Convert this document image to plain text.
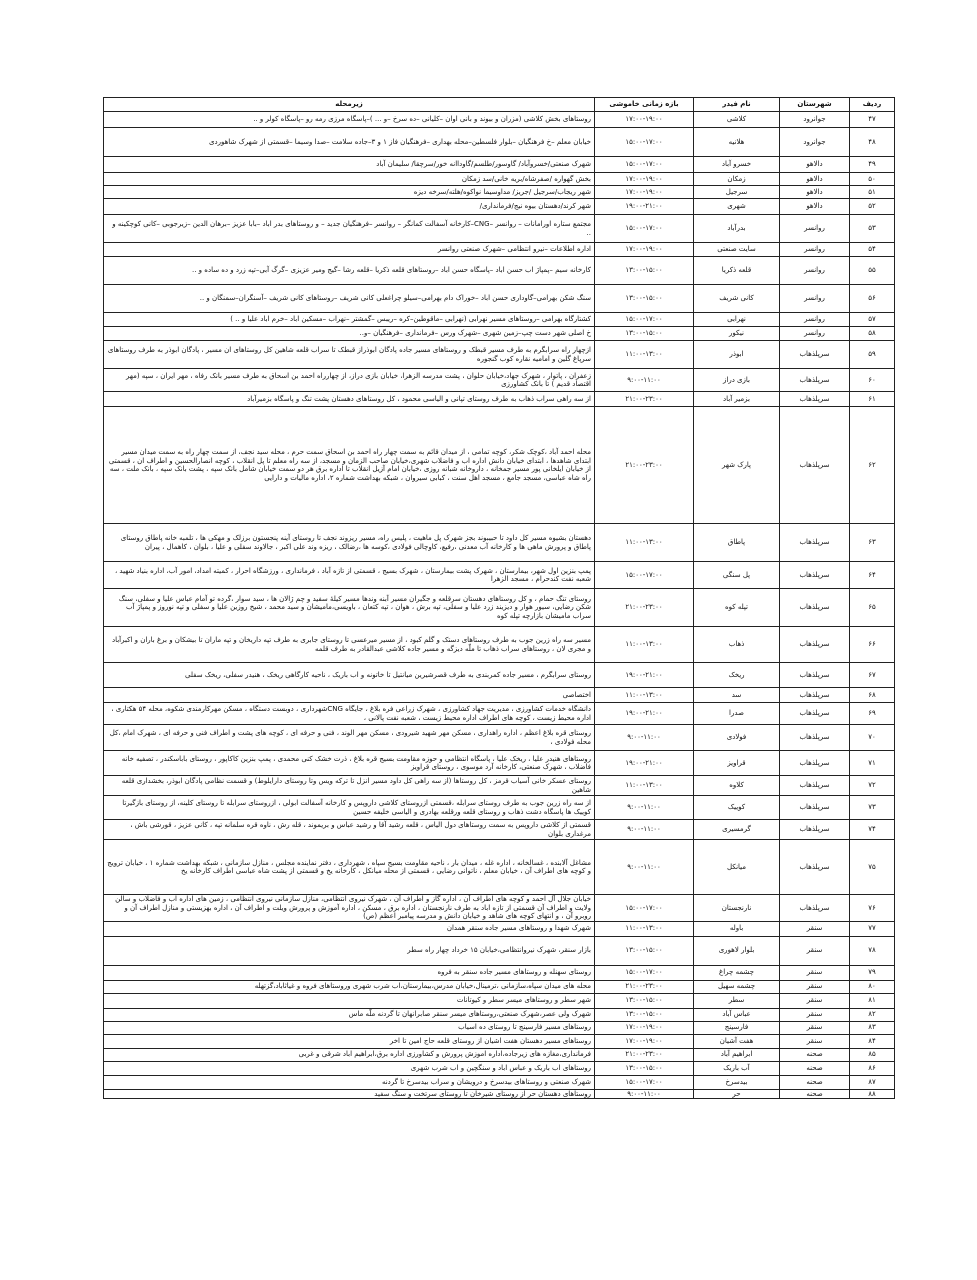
ردیف	شهرستان	نام فیدر	بازه زمانی خاموشی	زیرمحله
۴۷	جوانرود	کلاشی	۱۷:۰۰-۱۹:۰۰	روستاهای بخش کلاشی (مزران و بیوند و بانی اوان –کلیانی –ده سرخ –و ... )–پاسگاه مرزی رمه رو –پاسگاه کولر و ..
۴۸	جوانرود	هلانیه	۱۵:۰۰-۱۷:۰۰	خیابان معلم –خ فرهنگیان –بلوار فلسطین–محله بهداری –فرهنگیان فاز ۱ و ۳–جاده سلامت –صدا وسیما –قسمتی از شهرک شاهوردی
۴۹	دالاهو	خسرو آباد	۱۵:۰۰-۱۷:۰۰	شهرک صنعتی/خسروآباد/ گاوسور/طلسم/گاوداانه خور/سرچقا/ سلیمان آباد
۵۰	دالاهو	زمکان	۱۷:۰۰-۱۹:۰۰	بخش گهواره /صفرشاه/بریه خانی/سد زمکان
۵۱	دالاهو	سرجیل	۱۷:۰۰-۱۹:۰۰	شهر ریجاب/سرجیل /جریز/ مداوسیما نواکوه/هلته/سرخه دیزه
۵۲	دالاهو	شهری	۱۹:۰۰-۲۱:۰۰	شهر کرند/دهستان بیوه نیج/فرمانداری/
۵۳	روانسر	بدرآباد	۱۵:۰۰-۱۷:۰۰	مجتمع ستاره اورامانات – روانسر –CNG–کارخانه آسفالت کمانگر – روانسر –فرهنگیان جدید – و روستاهای بدر اباد –بابا عزیز –برهان الدین –زیرجوبی –کانی کوچکینه و ..
۵۴	روانسر	سایت صنعتی	۱۷:۰۰-۱۹:۰۰	اداره اطلاعات –نیرو انتظامی –شهرک صنعتی روانسر
۵۵	روانسر	قلعه ذکریا	۱۳:۰۰-۱۵:۰۰	کارخانه سیم –پمپاژ اب حسن اباد –پاسگاه حسن اباد –روستاهای قلعه ذکریا –قلعه رشا –گیج ومیر عزیزی –گرگ آبی–تپه زرد و ده ساده و ..
۵۶	روانسر	کانی شریف	۱۳:۰۰-۱۵:۰۰	سنگ شکن بهرامی–گاوداری حسن اباد –خوراک دام بهرامی–سیلو چراغعلی کانی شریف –روستاهای کانی شریف –آسنگران–سمنگان و ..
۵۷	روانسر	نهرابی	۱۵:۰۰-۱۷:۰۰	کشتارگاه بهرامی –روستاهای مسیر نهرابی (نهرابی –ماقوطین–کره –ریبس –گمشتر –نهراب –مسکین اباد –خرم اباد علیا و .. )
۵۸	روانسر	نیکور	۱۳:۰۰-۱۵:۰۰	خ اصلی شهر دست چپ–زمین شهری –شهرک ورس –فرمانداری –فرهنگیان –و..
۵۹	سرپلذهاب	ابوذر	۱۱:۰۰-۱۳:۰۰	ازچهار راه سرابگرم به طرف مسیر قبطک و روستاهای مسیر جاده پادگان ابوذراز قبطک تا سراب قلعه شاهین کل روستاهای ان مسیر ، پادگان ابوذر به طرف روستاهای سرپاغ گلین و امامیه نقاره کوب گنجوره
۶۰	سرپلذهاب	بازی دراز	۹:۰۰-۱۱:۰۰	زعفران ، پاتوار ، شهرک جهاد،خیابان حلوان ، پشت مدرسه الزهرا، خیابان بازی دراز، از چهارراه احمد بن اسحاق به طرف مسیر بانک رفاه ، مهر ایران ، سپه (مهر اقتصاد قدیم ) تا بانک کشاورزی
۶۱	سرپلذهاب	بزمیر آباد	۲۱:۰۰-۲۳:۰۰	از سه راهی سراب ذهاب به طرف روستای تپانی و الیاسی محمود ، کل روستاهای دهستان پشت تنگ و پاسگاه بزمیرآباد
۶۲	سرپلذهاب	پارک شهر	۲۱:۰۰-۲۳:۰۰	محله احمد آباد ،کوچک شکر، کوچه تمامی ، از میدان قائم به سمت چهار راه احمد بن اسحاق سمت حرم ، محله سید نجف، از سمت چهار راه به سمت میدان مسیر ابتدای شاهدها ، ابتدای خیابان دانش اداره اب و فاضلاب شهری،خیابان صاحب الزمان و مسجد، از سه راه معلم تا پل انقلاب ، کوچه انصارالحسین و اطراف ان ، قسمتی از خیابان ایلخانی پور مسیر جمخانه ، داروخانه شبانه روزی ،خیابان امام آزیل انقلاب تا اداره برق هر دو سمت خیابان شامل بانک سپه ، پشت بانک سپه ، بانک ملت ، سه راه شاه عباسی، مسجد جامع ، مسجد اهل سنت ، کبابی سیروان ، شبکه بهداشت شماره ۲، اداره مالیات و دارایی
۶۳	سرپلذهاب	پاطاق	۱۱:۰۰-۱۳:۰۰	دهستان بشیوه مسیر کل داود تا حبیبوند بجز شهرک پل ماهیت ، پلیس راه، مسیر ریزوند نجف تا روستای آینه پنجستون برزلک و مهکی ها ، تلمبه خانه پاطاق روستای پاطاق و پرورش ماهی ها و کارخانه آب معدنی ،رفیع، کاوچالی فولادی ،کوسه ها ،رضالک ، ریزه وند علی اکبر ، جالاوند سفلی و علیا ، بلوان ، کاهمال ، پیران
۶۴	سرپلذهاب	پل سنگی	۱۵:۰۰-۱۷:۰۰	پمپ بنزین اول شهر، بیمارستان ، شهرک پشت بیمارستان ، شهرک بسیج ، قسمتی از تازه آباد ، فرمانداری ، ورزشگاه احرار ، کمیته امداد، امور آب، اداره بنیاد شهید ، شعبه نفت کندحرام ، مسجد الزهرا
۶۵	سرپلذهاب	تپله کوه	۲۱:۰۰-۲۳:۰۰	روستای تنگ حمام ، و کل روستاهای دهستان سرقلعه و جگیران مسیر آبنه وندها مسیر کیلهٔ سفید و چم ژالان ها ، سید سوار ،گرده تو آمام عباس علیا و سفلی، سنگ شکن رضایی، سیور هوار و دیزیند زرد علیا و سفلی، تپه برش ، هوان ، تپه کتعان ، باویسی،مامیشان و سید محمد ، شیخ روزین علیا و سفلی و تپه نوروز و پمپاژ آب سراب مامیشان بازارچه تپله کوه
۶۶	سرپلذهاب	ذهاب	۱۱:۰۰-۱۳:۰۰	مسیر سه راه زرین جوب به طرف روستاهای دستک و گلم کبود ، از مسیر میرعسی تا روستای جابری به طرف تپه داریخان و تپه ماران تا بیشکان و برغ باران و اکبرآباد و مجری لان ، روستاهای سراب ذهاب تا ملّه دیزگه و مسیر جاده کلاشی عبدالقادر به طرف قلمه
۶۷	سرپلذهاب	ریخک	۱۹:۰۰-۲۱:۰۰	روستای سرابگرم ، مسیر جاده کمربندی به طرف قصرشیرین میانتیل تا خاتونه و اب باریک ، ناحیه کارگاهی ریخک ، هنیدر سفلی، ریخک سفلی
۶۸	سرپلذهاب	سد	۱۱:۰۰-۱۳:۰۰	اختصاصی
۶۹	سرپلذهاب	صدرا	۱۹:۰۰-۲۱:۰۰	دانشگاه خدمات کشاورزی ، مدیریت جهاد کشاورزی ، شهرک زراعی فره بلاغ ، جایگاه CNGشهرداری ، دوبست دستگاه ، مسکن مهرکارمندی شکوه، محله ۵۴ هکتاری ، اداره محیط زیست ، کوچه های اطراف اداره محیط زیست ، شعبه نفت پالانی ،
۷۰	سرپلذهاب	فولادی	۹:۰۰-۱۱:۰۰	روستای قره بلاغ اعظم ، اداره راهداری ، مسکن مهر شهید شیرودی ، مسکن مهر الوند ، فنی و حرفه ای ، کوچه های پشت و اطراف فنی و حرفه ای ، شهرک امام ،کل محله فولادی ،
۷۱	سرپلذهاب	قراویز	۱۹:۰۰-۲۱:۰۰	روستاهای هنیدر علیا ، ریخک علیا ، پاسگاه انتظامی و حوزه مقاومت بسیج قره بلاغ ، ذرت خشک کنی محمدی ، پمپ بنزین کاکاپور ، روستای باباسکندر ، تصفیه خانه فاضلاب ، شهرک صنعتی، کارخانه آرد موسوی ، روستای قراویز
۷۲	سرپلذهاب	کلاوه	۱۱:۰۰-۱۳:۰۰	روستای عسکر خانی آسیاب قرمز ، کل روستاها (از سه راهی کل داود مسیر انزل تا ترکه ویس وتا روستای دارایلوط) و قسمت نظامی پادگان ابوذر، بخشداری قلعه شاهین
۷۳	سرپلذهاب	کوییک	۹:۰۰-۱۱:۰۰	از سه راه زرین جوب به طرف روستای سرابله ،قسمتی ازروستای کلاشی داروپس و کارخانه آسفالت ابولی ، ازروستای سرابله تا روستای کلینه، از روستای بازگیرتا کوییک ها پاسگاه دشت ذهاب و روستای قلعه ورقلعه بهادری و الیاسی خلیفه حسین
۷۴	سرپلذهاب	گرمسیری	۹:۰۰-۱۱:۰۰	قسمتی از کلاشی داروپس به سمت روستاهای دول الیاس ، قلعه رشید آقا و رشید عباس و بریموند ، قله رش ، ناوه قره سلمانه تپه ، کانی عزیز ، قورشی باش ، مرغداری بلوان
۷۵	سرپلذهاب	میانکل	۹:۰۰-۱۱:۰۰	مشاغل آلابنده ، غسالخانه ، اداره غله ، میدان بار ، ناحیه مقاومت بسیج سپاه ، شهرداری ، دفتر نماینده مجلس ، منازل سازمانی ، شبکه بهداشت شماره ۱ ، خیابان ترویج و کوچه های اطراف آن ، خیابان معلم ، ناتوانی رضایی ، قسمتی از محله میانکل ، کارخانه یخ و قسمتی از پشت شاه عباسی اطراف کارخانه یخ
۷۶	سرپلذهاب	نارنجستان	۱۵:۰۰-۱۷:۰۰	خیابان جلال آل احمد و کوچه های اطراف آن ، اداره گاز و اطراف آن ، شهرک نیروی انتظامی، منازل سازمانی نیروی انتظامی ، زمین های اداره اب و فاضلاب و سالن ولایت و اطراف آن قسمتی از تازه اباد به طرف نارنجستان ، اداره برق ، مسکن ، اداره آموزش و پرورش ویلت و اطراف آن ، اداره بهزیستی و منازل اطراف آن و روبرو آن ، و انتهای کوچه های شاهد و خیابان دانش و مدرسه پیامبر اعظم (ص)
۷۷	سنقر	باوله	۱۱:۰۰-۱۳:۰۰	شهرک شهدا و روستاهای مسیر جاده سنقر همدان
۷۸	سنقر	بلوار لاهوری	۱۳:۰۰-۱۵:۰۰	بازار سنقر، شهرک نیروانتظامی،خیابان ۱۵ خرداد چهار راه سطر
۷۹	سنقر	چشمه چراغ	۱۵:۰۰-۱۷:۰۰	روستای سهنله و روستاهای مسیر جاده سنقر به فروه
۸۰	سنقر	چشمه سهیل	۲۱:۰۰-۲۳:۰۰	محله های میدان سپاه،سازمانی ،ترمینال،خیابان مدرس،بیمارستان،اب شرب شهری وروستاهای فروه و غیاثاباد،گزتهله
۸۱	سنقر	سطر	۱۳:۰۰-۱۵:۰۰	شهر سطر و روستاهای میسر سطر و کیوتانات
۸۲	سنقر	عباس آباد	۱۳:۰۰-۱۵:۰۰	شهرک ولی عصر،شهرک صنعتی،روستاهای میسر سنقر صابرانهان تا گردنه ملّه ماس
۸۳	سنقر	فارسینج	۱۷:۰۰-۱۹:۰۰	روستاهای مسیر فارسینج تا روستای ده اسیاب
۸۴	سنقر	هفت آشیان	۱۷:۰۰-۱۹:۰۰	روستاهای مسیر دهستان هفت اشیان از روستای قلعه حاج امین تا اخر
۸۵	صحنه	ابراهیم آباد	۲۱:۰۰-۲۳:۰۰	فرمانداری،مغازه های زیرجاده،اداره اموزش پرورش و کشاورزی اداره برق،ابراهیم اباد شرقی و غربی
۸۶	صحنه	آب باریک	۱۳:۰۰-۱۵:۰۰	روستاهای اب باریک و عباس اباد و سنگچین و اب شرب شهری
۸۷	صحنه	بیدسرخ	۱۵:۰۰-۱۷:۰۰	شهرک صنعتی و روستاهای بیدسرخ و درویشان و سراب بیدسرخ تا گردنه
۸۸	صحنه	حر	۹:۰۰-۱۱:۰۰	روستاهای دهستان حر از روستای شیرخان تا روستای سرتخت و سنگ سفید
